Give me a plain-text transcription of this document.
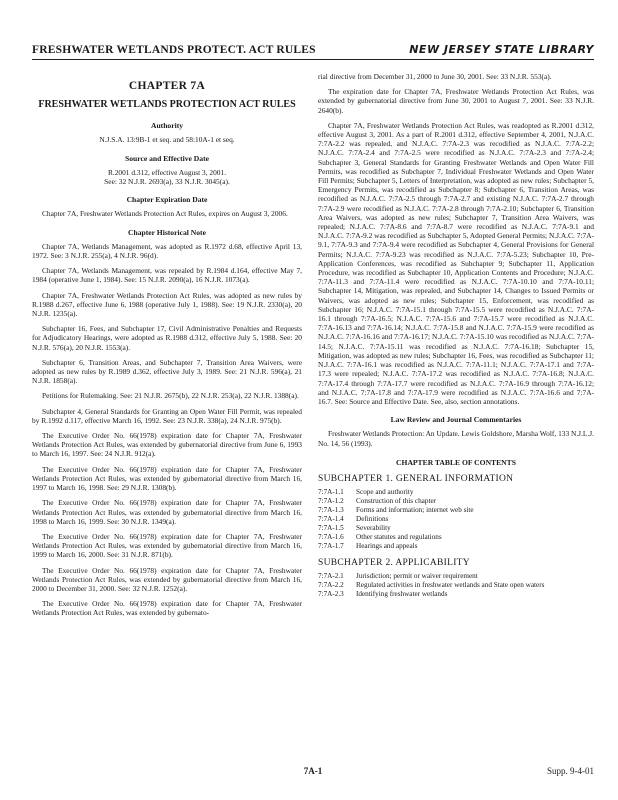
FRESHWATER WETLANDS PROTECT. ACT RULES	NEW JERSEY STATE LIBRARY
CHAPTER 7A
FRESHWATER WETLANDS PROTECTION ACT RULES
Authority
N.J.S.A. 13:9B-1 et seq. and 58:10A-1 et seq.
Source and Effective Date
R.2001 d.312, effective August 3, 2001.
See: 32 N.J.R. 2693(a), 33 N.J.R. 3045(a).
Chapter Expiration Date

Chapter 7A, Freshwater Wetlands Protection Act Rules, expires on August 3, 2006.

Chapter Historical Note

Chapter 7A, Wetlands Management, was adopted as R.1972 d.68, effective April 13, 1972. See: 3 N.J.R. 255(a), 4 N.J.R. 96(d).

Chapter 7A, Wetlands Management, was repealed by R.1984 d.164, effective May 7, 1984 (operative June 1, 1984). See: 15 N.J.R. 2090(a), 16 N.J.R. 1073(a).

Chapter 7A, Freshwater Wetlands Protection Act Rules, was adopted as new rules by R.1988 d.267, effective June 6, 1988 (operative July 1, 1988). See: 19 N.J.R. 2330(a), 20 N.J.R. 1235(a).

Subchapter 16, Fees, and Subchapter 17, Civil Administrative Penalties and Requests for Adjudicatory Hearings, were adopted as R.1988 d.312, effective July 5, 1988. See: 20 N.J.R. 576(a), 20 N.J.R. 1553(a).

Subchapter 6, Transition Areas, and Subchapter 7, Transition Area Waivers, were adopted as new rules by R.1989 d.362, effective July 3, 1989. See: 21 N.J.R. 596(a), 21 N.J.R. 1858(a).

Petitions for Rulemaking. See: 21 N.J.R. 2675(b), 22 N.J.R. 253(a), 22 N.J.R. 1388(a).

Subchapter 4, General Standards for Granting an Open Water Fill Permit, was repealed by R.1992 d.117, effective March 16, 1992. See: 23 N.J.R. 338(a), 24 N.J.R. 975(b).

The Executive Order No. 66(1978) expiration date for Chapter 7A, Freshwater Wetlands Protection Act Rules, was extended by gubernatorial directive from June 6, 1993 to March 16, 1997. See: 24 N.J.R. 912(a).

The Executive Order No. 66(1978) expiration date for Chapter 7A, Freshwater Wetlands Protection Act Rules, was extended by gubernatorial directive from March 16, 1997 to March 16, 1998. See: 29 N.J.R. 1308(b).

The Executive Order No. 66(1978) expiration date for Chapter 7A, Freshwater Wetlands Protection Act Rules, was extended by gubernatorial directive from March 16, 1998 to March 16, 1999. See: 30 N.J.R. 1349(a).

The Executive Order No. 66(1978) expiration date for Chapter 7A, Freshwater Wetlands Protection Act Rules, was extended by gubernatorial directive from March 16, 1999 to March 16, 2000. See: 31 N.J.R. 871(b).

The Executive Order No. 66(1978) expiration date for Chapter 7A, Freshwater Wetlands Protection Act Rules, was extended by gubernatorial directive from March 16, 2000 to December 31, 2000. See: 32 N.J.R. 1252(a).

The Executive Order No. 66(1978) expiration date for Chapter 7A, Freshwater Wetlands Protection Act Rules, was extended by gubernato-

rial directive from December 31, 2000 to June 30, 2001. See: 33 N.J.R. 553(a).

The expiration date for Chapter 7A, Freshwater Wetlands Protection Act Rules, was extended by gubernatorial directive from June 30, 2001 to August 7, 2001. See: 33 N.J.R. 2640(b).

Chapter 7A, Freshwater Wetlands Protection Act Rules, was readopted as R.2001 d.312, effective August 3, 2001. As a part of R.2001 d.312, effective September 4, 2001, N.J.A.C. 7:7A-2.2 was repealed, and N.J.A.C. 7:7A-2.3 was recodified as N.J.A.C. 7:7A-2.2; N.J.A.C. 7:7A-2.4 and 7:7A-2.5 were recodified as N.J.A.C. 7:7A-2.3 and 7:7A-2.4; Subchapter 3, General Standards for Granting Freshwater Wetlands and Open Water Fill Permits, was recodified as Subchapter 7, Individual Freshwater Wetlands and Open Water Fill Permits; Subchapter 5, Letters of Interpretation, was adopted as new rules; Subchapter 5, Emergency Permits, was recodified as Subchapter 8; Subchapter 6, Transition Areas, was recodified as N.J.A.C. 7:7A-2.5 through 7:7A-2.7 and existing N.J.A.C. 7:7A-2.7 through 7:7A-2.9 were recodified as N.J.A.C. 7:7A-2.8 through 7:7A-2.10; Subchapter 6, Transition Area Waivers, was adopted as new rules; Subchapter 7, Transition Area Waivers, was repealed; N.J.A.C. 7:7A-8.6 and 7:7A-8.7 were recodified as N.J.A.C. 7:7A-9.1 and N.J.A.C. 7:7A-9.2 was recodified as Subchapter 5, Adopted General Permits; N.J.A.C. 7:7A-9.1, 7:7A-9.3 and 7:7A-9.4 were recodified as Subchapter 4, General Provisions for General Permits; N.J.A.C. 7:7A-9.23 was recodified as N.J.A.C. 7:7A-5.23; Subchapter 10, Pre-Application Conferences, was recodified as Subchapter 9; Subchapter 11, Application Procedure, was recodified as Subchapter 10, Application Contents and Procedure; N.J.A.C. 7:7A-11.3 and 7:7A-11.4 were recodified as N.J.A.C. 7:7A-10.10 and 7:7A-10.11; Subchapter 14, Mitigation, was repealed, and Subchapter 14, Changes to Issued Permits or Waivers, was adopted as new rules; Subchapter 15, Enforcement, was recodified as Subchapter 16; N.J.A.C. 7:7A-15.1 through 7:7A-15.5 were recodified as N.J.A.C. 7:7A-16.1 through 7:7A-16.5; N.J.A.C. 7:7A-15.6 and 7:7A-15.7 were recodified as N.J.A.C. 7:7A-16.13 and 7:7A-16.14; N.J.A.C. 7:7A-15.8 and N.J.A.C. 7:7A-15.9 were recodified as N.J.A.C. 7:7A-16.16 and 7:7A-16.17; N.J.A.C. 7:7A-15.10 was recodified as N.J.A.C. 7:7A-14.5; N.J.A.C. 7:7A-15.11 was recodified as N.J.A.C. 7:7A-16.18; Subchapter 15, Mitigation, was adopted as new rules; Subchapter 16, Fees, was recodified as Subchapter 11; N.J.A.C. 7:7A-16.1 was recodified as N.J.A.C. 7:7A-11.1; N.J.A.C. 7:7A-17.1 and 7:7A-17.3 were repealed; N.J.A.C. 7:7A-17.2 was recodified as N.J.A.C. 7:7A-16.8; N.J.A.C. 7:7A-17.4 through 7:7A-17.7 were recodified as N.J.A.C. 7:7A-16.9 through 7:7A-16.12; and N.J.A.C. 7:7A-17.8 and 7:7A-17.9 were recodified as N.J.A.C. 7:7A-16.6 and 7:7A-16.7. See: Source and Effective Date. See, also, section annotations.

Law Review and Journal Commentaries

Freshwater Wetlands Protection: An Update. Lewis Goldshore, Marsha Wolf, 133 N.J.L.J. No. 14, 56 (1993).

CHAPTER TABLE OF CONTENTS
SUBCHAPTER 1. GENERAL INFORMATION
7:7A-1.1	Scope and authority
7:7A-1.2	Construction of this chapter
7:7A-1.3	Forms and information; internet web site
7:7A-1.4	Definitions
7:7A-1.5	Severability
7:7A-1.6	Other statutes and regulations
7:7A-1.7	Hearings and appeals
SUBCHAPTER 2. APPLICABILITY
7:7A-2.1	Jurisdiction; permit or waiver requirement
7:7A-2.2	Regulated activities in freshwater wetlands and State open waters
7:7A-2.3	Identifying freshwater wetlands
7A-1	Supp. 9-4-01
